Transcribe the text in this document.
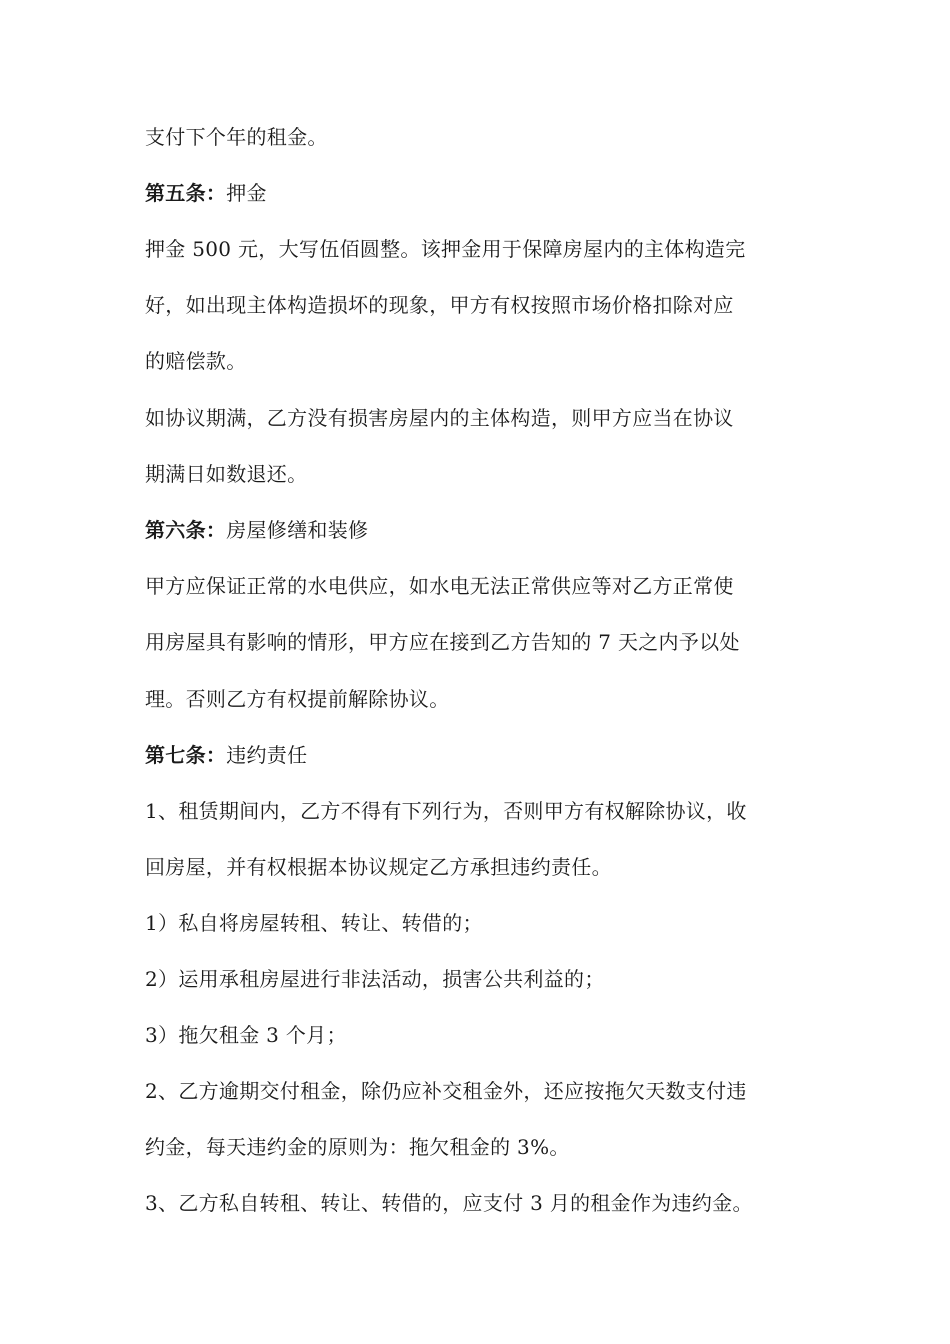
支付下个年的租金。
第五条：押金
押金 500 元，大写伍佰圆整。该押金用于保障房屋内的主体构造完
好，如出现主体构造损坏的现象，甲方有权按照市场价格扣除对应
的赔偿款。
如协议期满，乙方没有损害房屋内的主体构造，则甲方应当在协议
期满日如数退还。
第六条：房屋修缮和装修
甲方应保证正常的水电供应，如水电无法正常供应等对乙方正常使
用房屋具有影响的情形，甲方应在接到乙方告知的 7 天之内予以处
理。否则乙方有权提前解除协议。
第七条：违约责任
1、租赁期间内，乙方不得有下列行为，否则甲方有权解除协议，收
回房屋，并有权根据本协议规定乙方承担违约责任。
1）私自将房屋转租、转让、转借的；
2）运用承租房屋进行非法活动，损害公共利益的；
3）拖欠租金 3 个月；
2、乙方逾期交付租金，除仍应补交租金外，还应按拖欠天数支付违
约金，每天违约金的原则为：拖欠租金的 3%。
3、乙方私自转租、转让、转借的，应支付 3 月的租金作为违约金。
